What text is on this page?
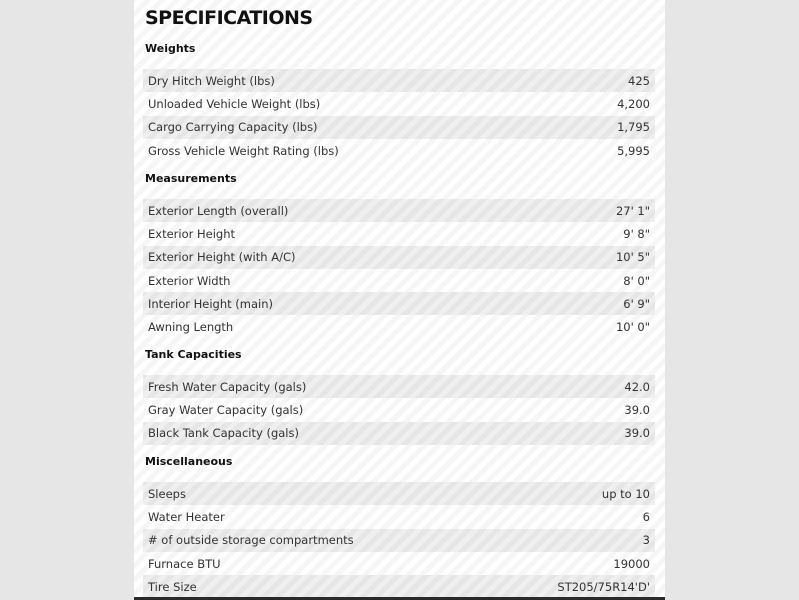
SPECIFICATIONS
Weights
Dry Hitch Weight (lbs)	425
Unloaded Vehicle Weight (lbs)	4,200
Cargo Carrying Capacity (lbs)	1,795
Gross Vehicle Weight Rating (lbs)	5,995
Measurements
Exterior Length (overall)	27' 1"
Exterior Height	9' 8"
Exterior Height (with A/C)	10' 5"
Exterior Width	8' 0"
Interior Height (main)	6' 9"
Awning Length	10' 0"
Tank Capacities
Fresh Water Capacity (gals)	42.0
Gray Water Capacity (gals)	39.0
Black Tank Capacity (gals)	39.0
Miscellaneous
Sleeps	up to 10
Water Heater	6
# of outside storage compartments	3
Furnace BTU	19000
Tire Size	ST205/75R14'D'
